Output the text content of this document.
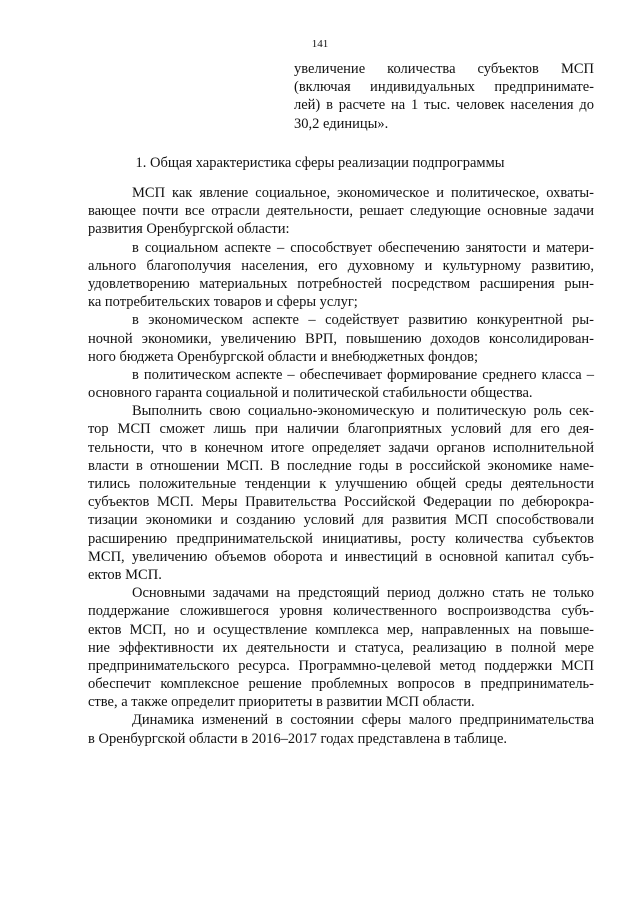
141
увеличение количества субъектов МСП
(включая индивидуальных предпринимате-
лей) в расчете на 1 тыс. человек населения до
30,2 единицы».
1. Общая характеристика сферы реализации подпрограммы
МСП как явление социальное, экономическое и политическое, охваты-
вающее почти все отрасли деятельности, решает следующие основные задачи
развития Оренбургской области:
в социальном аспекте – способствует обеспечению занятости и матери-
ального благополучия населения, его духовному и культурному развитию,
удовлетворению материальных потребностей посредством расширения рын-
ка потребительских товаров и сферы услуг;
в экономическом аспекте – содействует развитию конкурентной ры-
ночной экономики, увеличению ВРП, повышению доходов консолидирован-
ного бюджета Оренбургской области и внебюджетных фондов;
в политическом аспекте – обеспечивает формирование среднего класса –
основного гаранта социальной и политической стабильности общества.
Выполнить свою социально-экономическую и политическую роль сек-
тор МСП сможет лишь при наличии благоприятных условий для его дея-
тельности, что в конечном итоге определяет задачи органов исполнительной
власти в отношении МСП. В последние годы в российской экономике наме-
тились положительные тенденции к улучшению общей среды деятельности
субъектов МСП. Меры Правительства Российской Федерации по дебюрокра-
тизации экономики и созданию условий для развития МСП способствовали
расширению предпринимательской инициативы, росту количества субъектов
МСП, увеличению объемов оборота и инвестиций в основной капитал субъ-
ектов МСП.
Основными задачами на предстоящий период должно стать не только
поддержание сложившегося уровня количественного воспроизводства субъ-
ектов МСП, но и осуществление комплекса мер, направленных на повыше-
ние эффективности их деятельности и статуса, реализацию в полной мере
предпринимательского ресурса. Программно-целевой метод поддержки МСП
обеспечит комплексное решение проблемных вопросов в предприниматель-
стве, а также определит приоритеты в развитии МСП области.
Динамика изменений в состоянии сферы малого предпринимательства
в Оренбургской области в 2016–2017 годах представлена в таблице.
